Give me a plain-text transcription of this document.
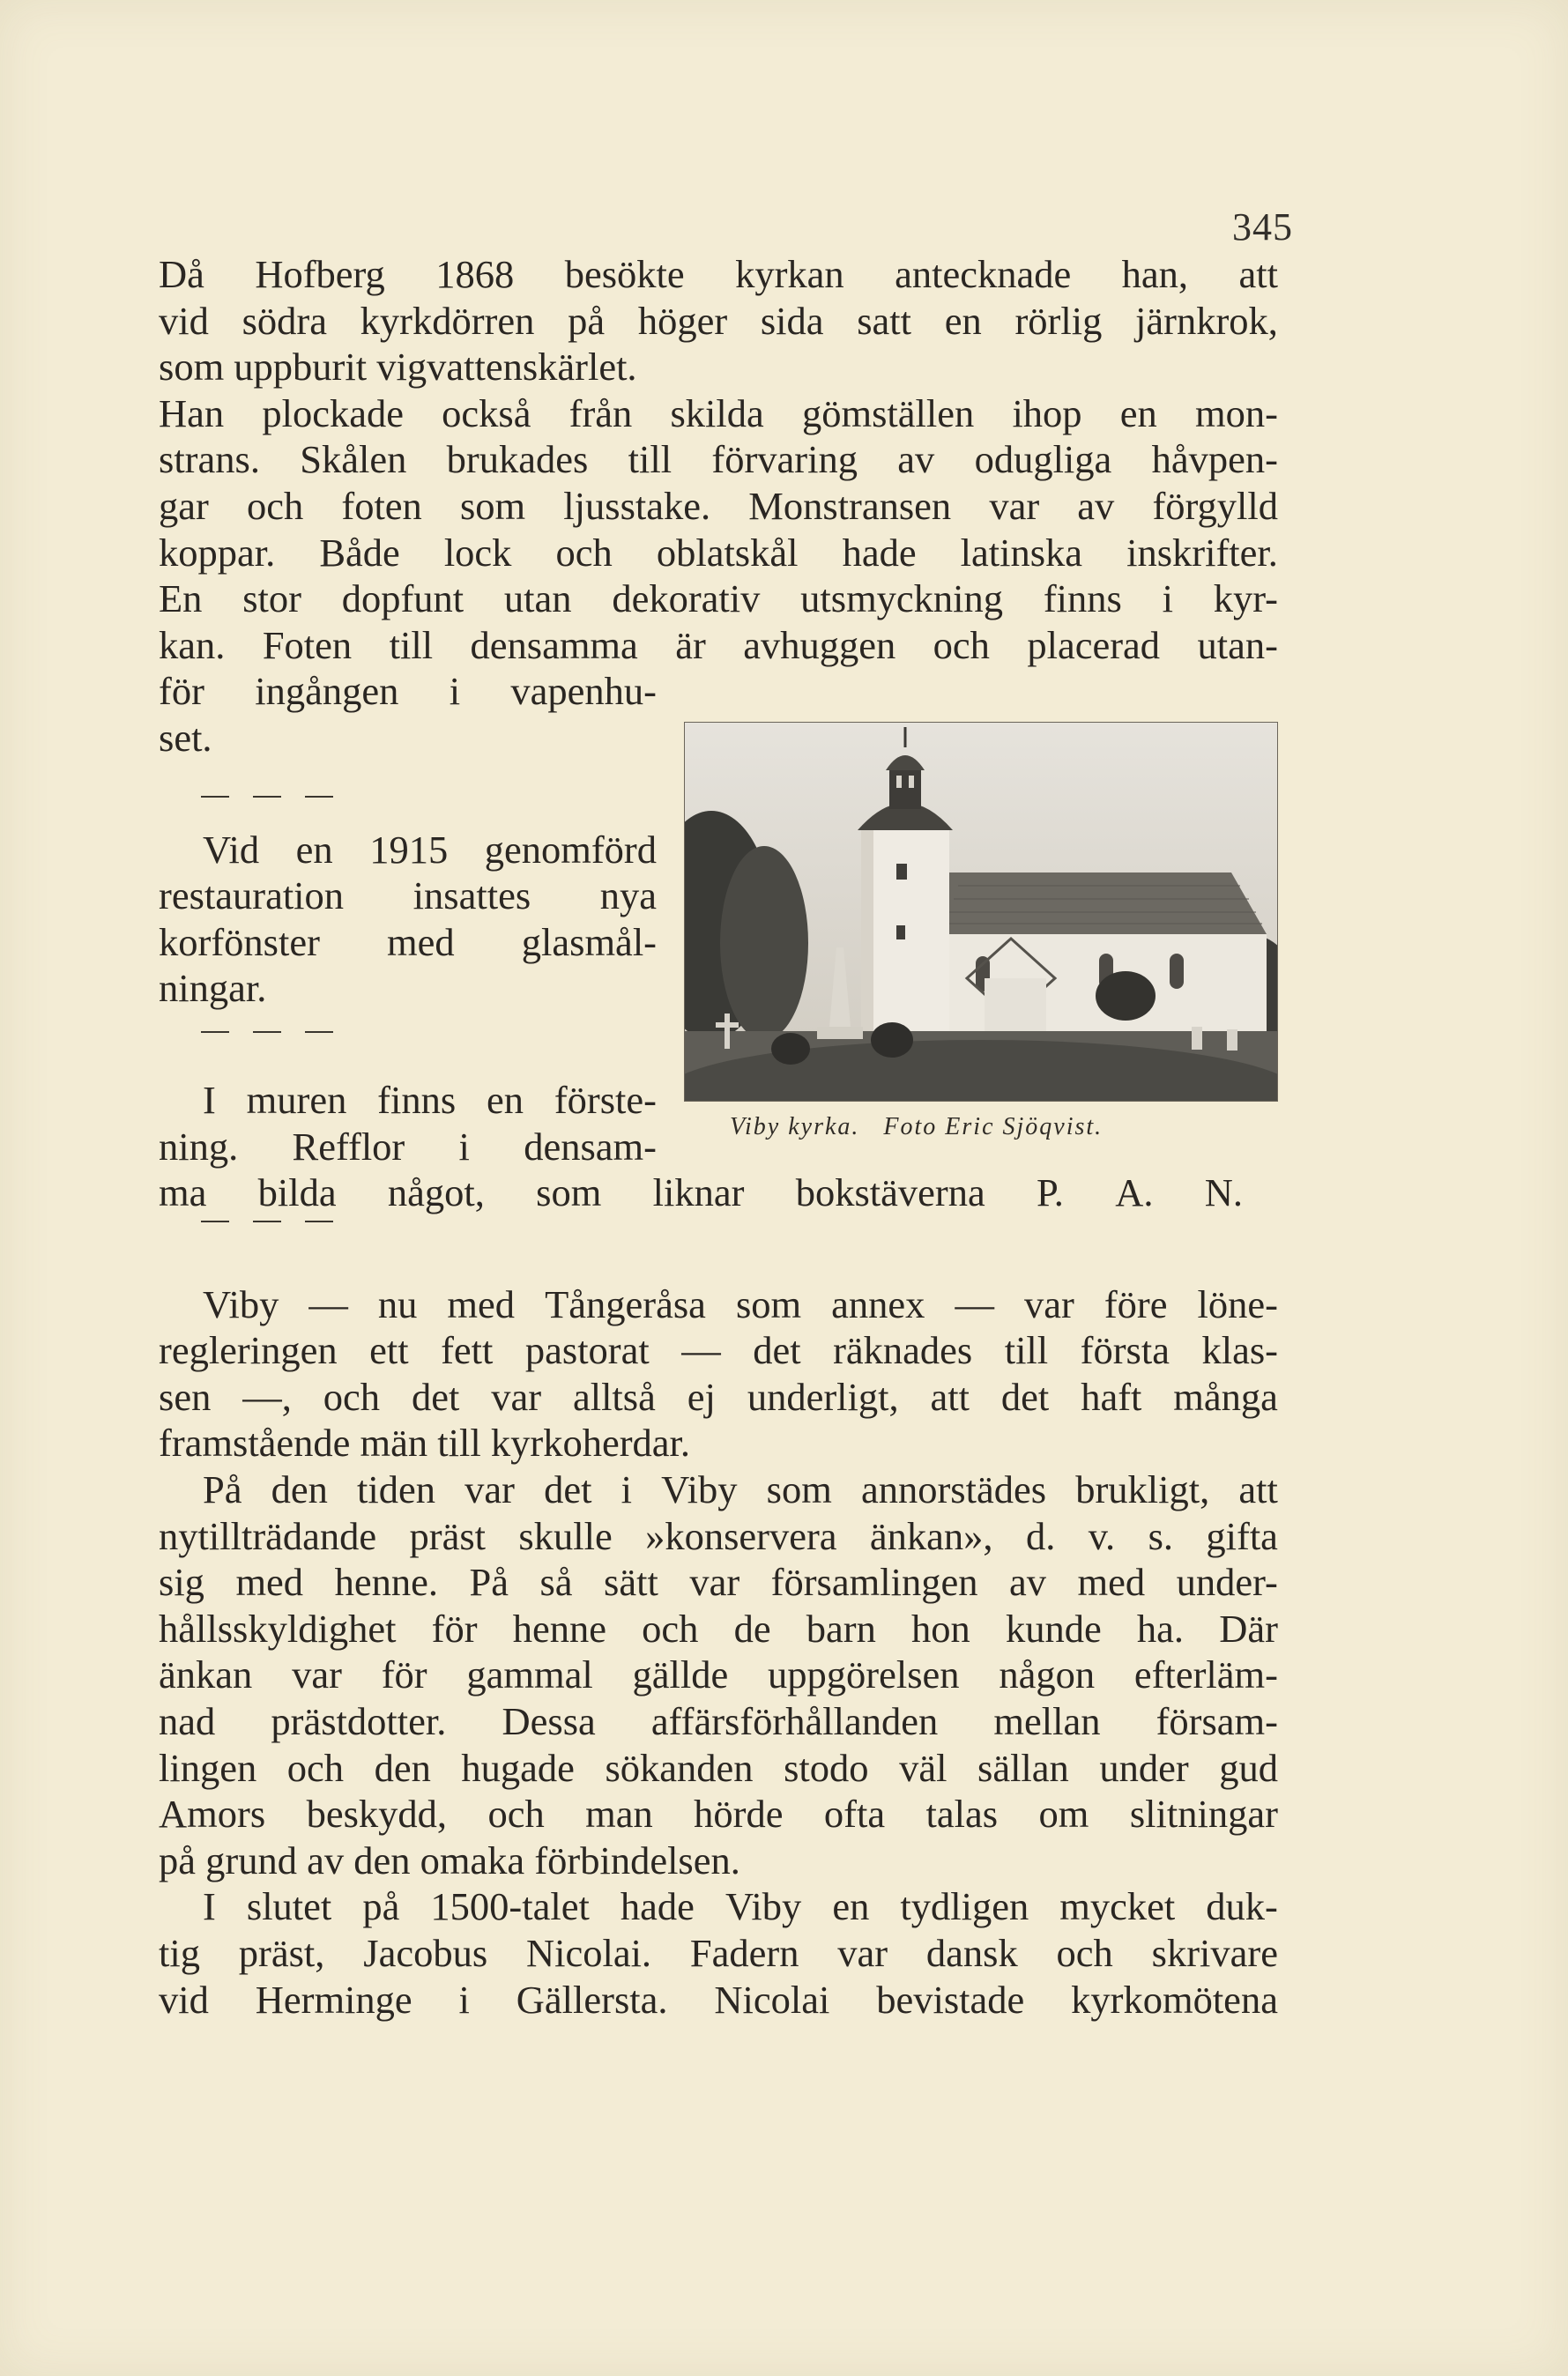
345
Då Hofberg 1868 besökte kyrkan antecknade han, att
vid södra kyrkdörren på höger sida satt en rörlig järnkrok,
som uppburit vigvattenskärlet.
Han plockade också från skilda gömställen ihop en mon-
strans. Skålen brukades till förvaring av odugliga håvpen-
gar och foten som ljusstake. Monstransen var av förgylld
koppar. Både lock och oblatskål hade latinska inskrifter.
En stor dopfunt utan dekorativ utsmyckning finns i kyr-
kan. Foten till densamma är avhuggen och placerad utan-
för ingången i vapenhu-
set.
Vid en 1915 genomförd
restauration insattes nya
korfönster med glasmål-
ningar.
I muren finns en förste-
ning. Refflor i densam-
ma bilda något, som liknar bokstäverna P. A. N.
Viby — nu med Tångeråsa som annex — var före löne-
regleringen ett fett pastorat — det räknades till första klas-
sen —, och det var alltså ej underligt, att det haft många
framstående män till kyrkoherdar.
På den tiden var det i Viby som annorstädes brukligt, att
nytillträdande präst skulle »konservera änkan», d. v. s. gifta
sig med henne. På så sätt var församlingen av med under-
hållsskyldighet för henne och de barn hon kunde ha. Där
änkan var för gammal gällde uppgörelsen någon efterläm-
nad prästdotter. Dessa affärsförhållanden mellan försam-
lingen och den hugade sökanden stodo väl sällan under gud
Amors beskydd, och man hörde ofta talas om slitningar
på grund av den omaka förbindelsen.
I slutet på 1500-talet hade Viby en tydligen mycket duk-
tig präst, Jacobus Nicolai. Fadern var dansk och skrivare
vid Herminge i Gällersta. Nicolai bevistade kyrkomötena
Viby kyrka.   Foto Eric Sjöqvist.
